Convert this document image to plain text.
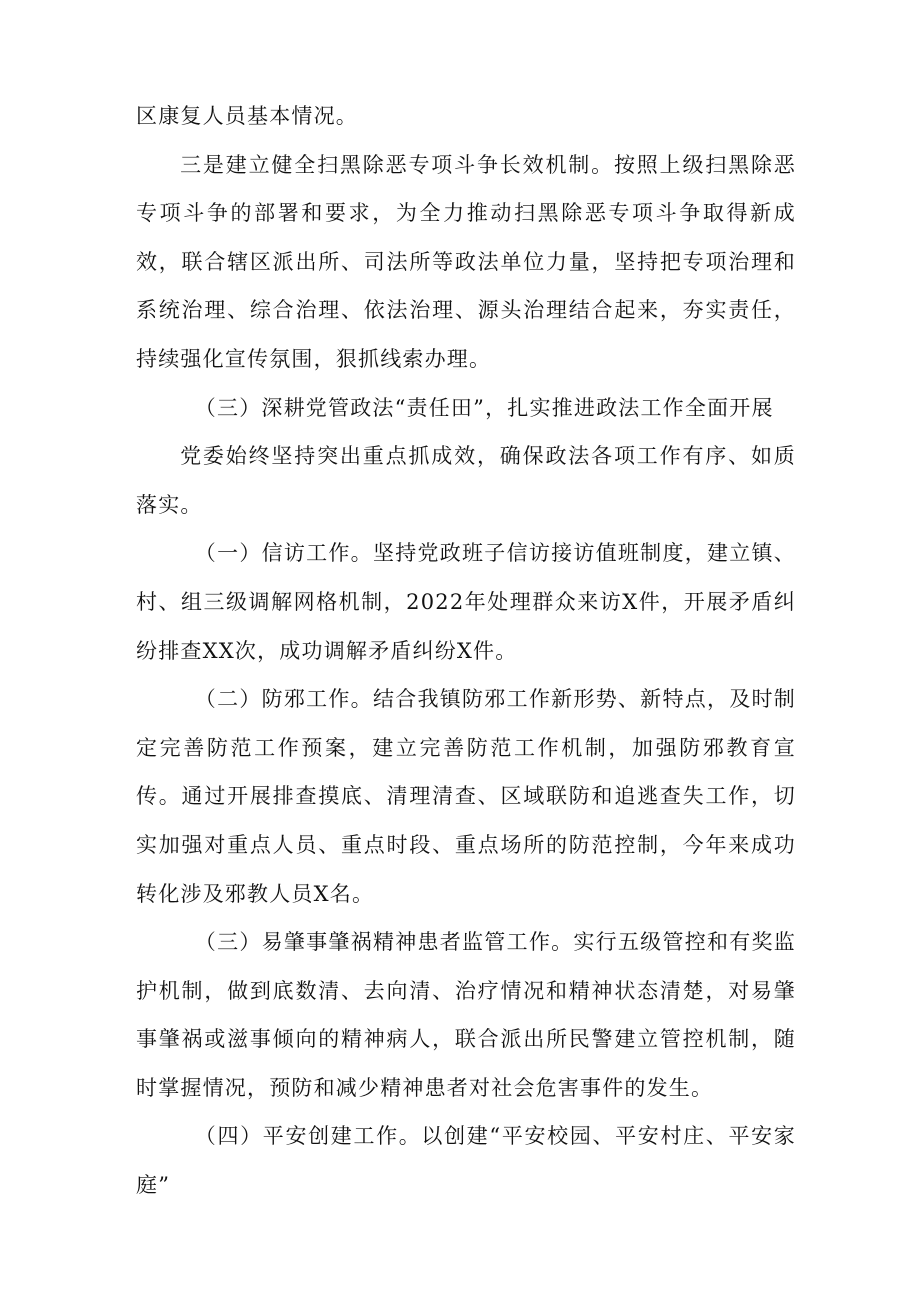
区康复人员基本情况。

三是建立健全扫黑除恶专项斗争长效机制。按照上级扫黑除恶专项斗争的部署和要求，为全力推动扫黑除恶专项斗争取得新成效，联合辖区派出所、司法所等政法单位力量，坚持把专项治理和系统治理、综合治理、依法治理、源头治理结合起来，夯实责任，持续强化宣传氛围，狠抓线索办理。

（三）深耕党管政法“责任田”，扎实推进政法工作全面开展

党委始终坚持突出重点抓成效，确保政法各项工作有序、如质落实。

（一）信访工作。坚持党政班子信访接访值班制度，建立镇、村、组三级调解网格机制，2022年处理群众来访X件，开展矛盾纠纷排查XX次，成功调解矛盾纠纷X件。

（二）防邪工作。结合我镇防邪工作新形势、新特点，及时制定完善防范工作预案，建立完善防范工作机制，加强防邪教育宣传。通过开展排查摸底、清理清查、区域联防和追逃查失工作，切实加强对重点人员、重点时段、重点场所的防范控制，今年来成功转化涉及邪教人员X名。

（三）易肇事肇祸精神患者监管工作。实行五级管控和有奖监护机制，做到底数清、去向清、治疗情况和精神状态清楚，对易肇事肇祸或滋事倾向的精神病人，联合派出所民警建立管控机制，随时掌握情况，预防和减少精神患者对社会危害事件的发生。

（四）平安创建工作。以创建“平安校园、平安村庄、平安家庭”
